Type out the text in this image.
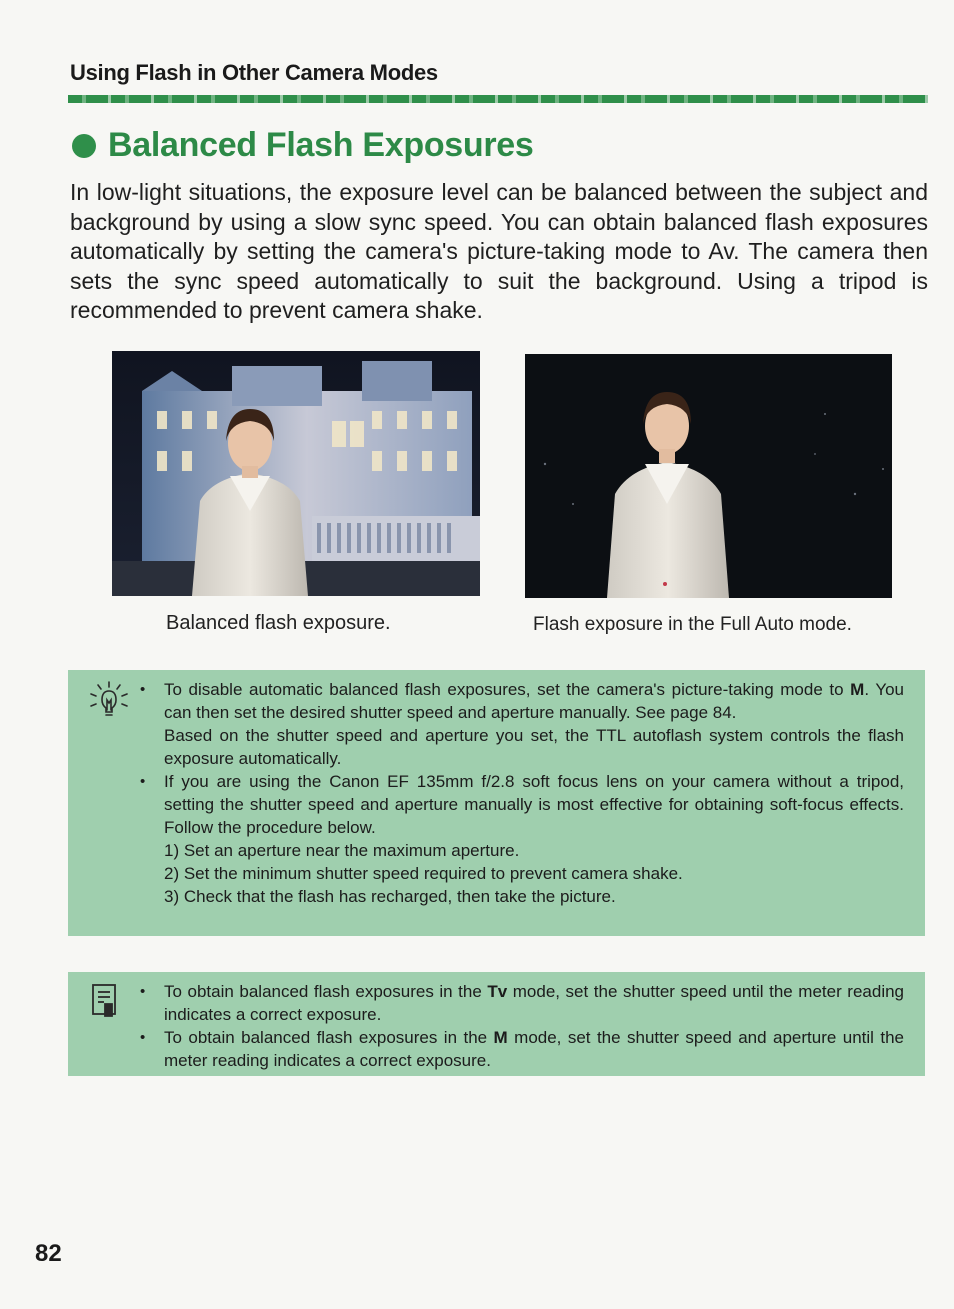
Using Flash in Other Camera Modes
Balanced Flash Exposures

In low-light situations, the exposure level can be balanced between the subject and background by using a slow sync speed. You can obtain balanced flash exposures automatically by setting the camera's picture-taking mode to Av. The camera then sets the sync speed automatically to suit the background. Using a tripod is recommended to prevent camera shake.

Balanced flash exposure.	Flash exposure in the Full Auto mode.
• To disable automatic balanced flash exposures, set the camera's picture-taking mode to M. You can then set the desired shutter speed and aperture manually. See page 84.
Based on the shutter speed and aperture you set, the TTL autoflash system controls the flash exposure automatically.
• If you are using the Canon EF 135mm f/2.8 soft focus lens on your camera without a tripod, setting the shutter speed and aperture manually is most effective for obtaining soft-focus effects. Follow the procedure below.
1) Set an aperture near the maximum aperture.
2) Set the minimum shutter speed required to prevent camera shake.
3) Check that the flash has recharged, then take the picture.
• To obtain balanced flash exposures in the Tv mode, set the shutter speed until the meter reading indicates a correct exposure.
• To obtain balanced flash exposures in the M mode, set the shutter speed and aperture until the meter reading indicates a correct exposure.
82
